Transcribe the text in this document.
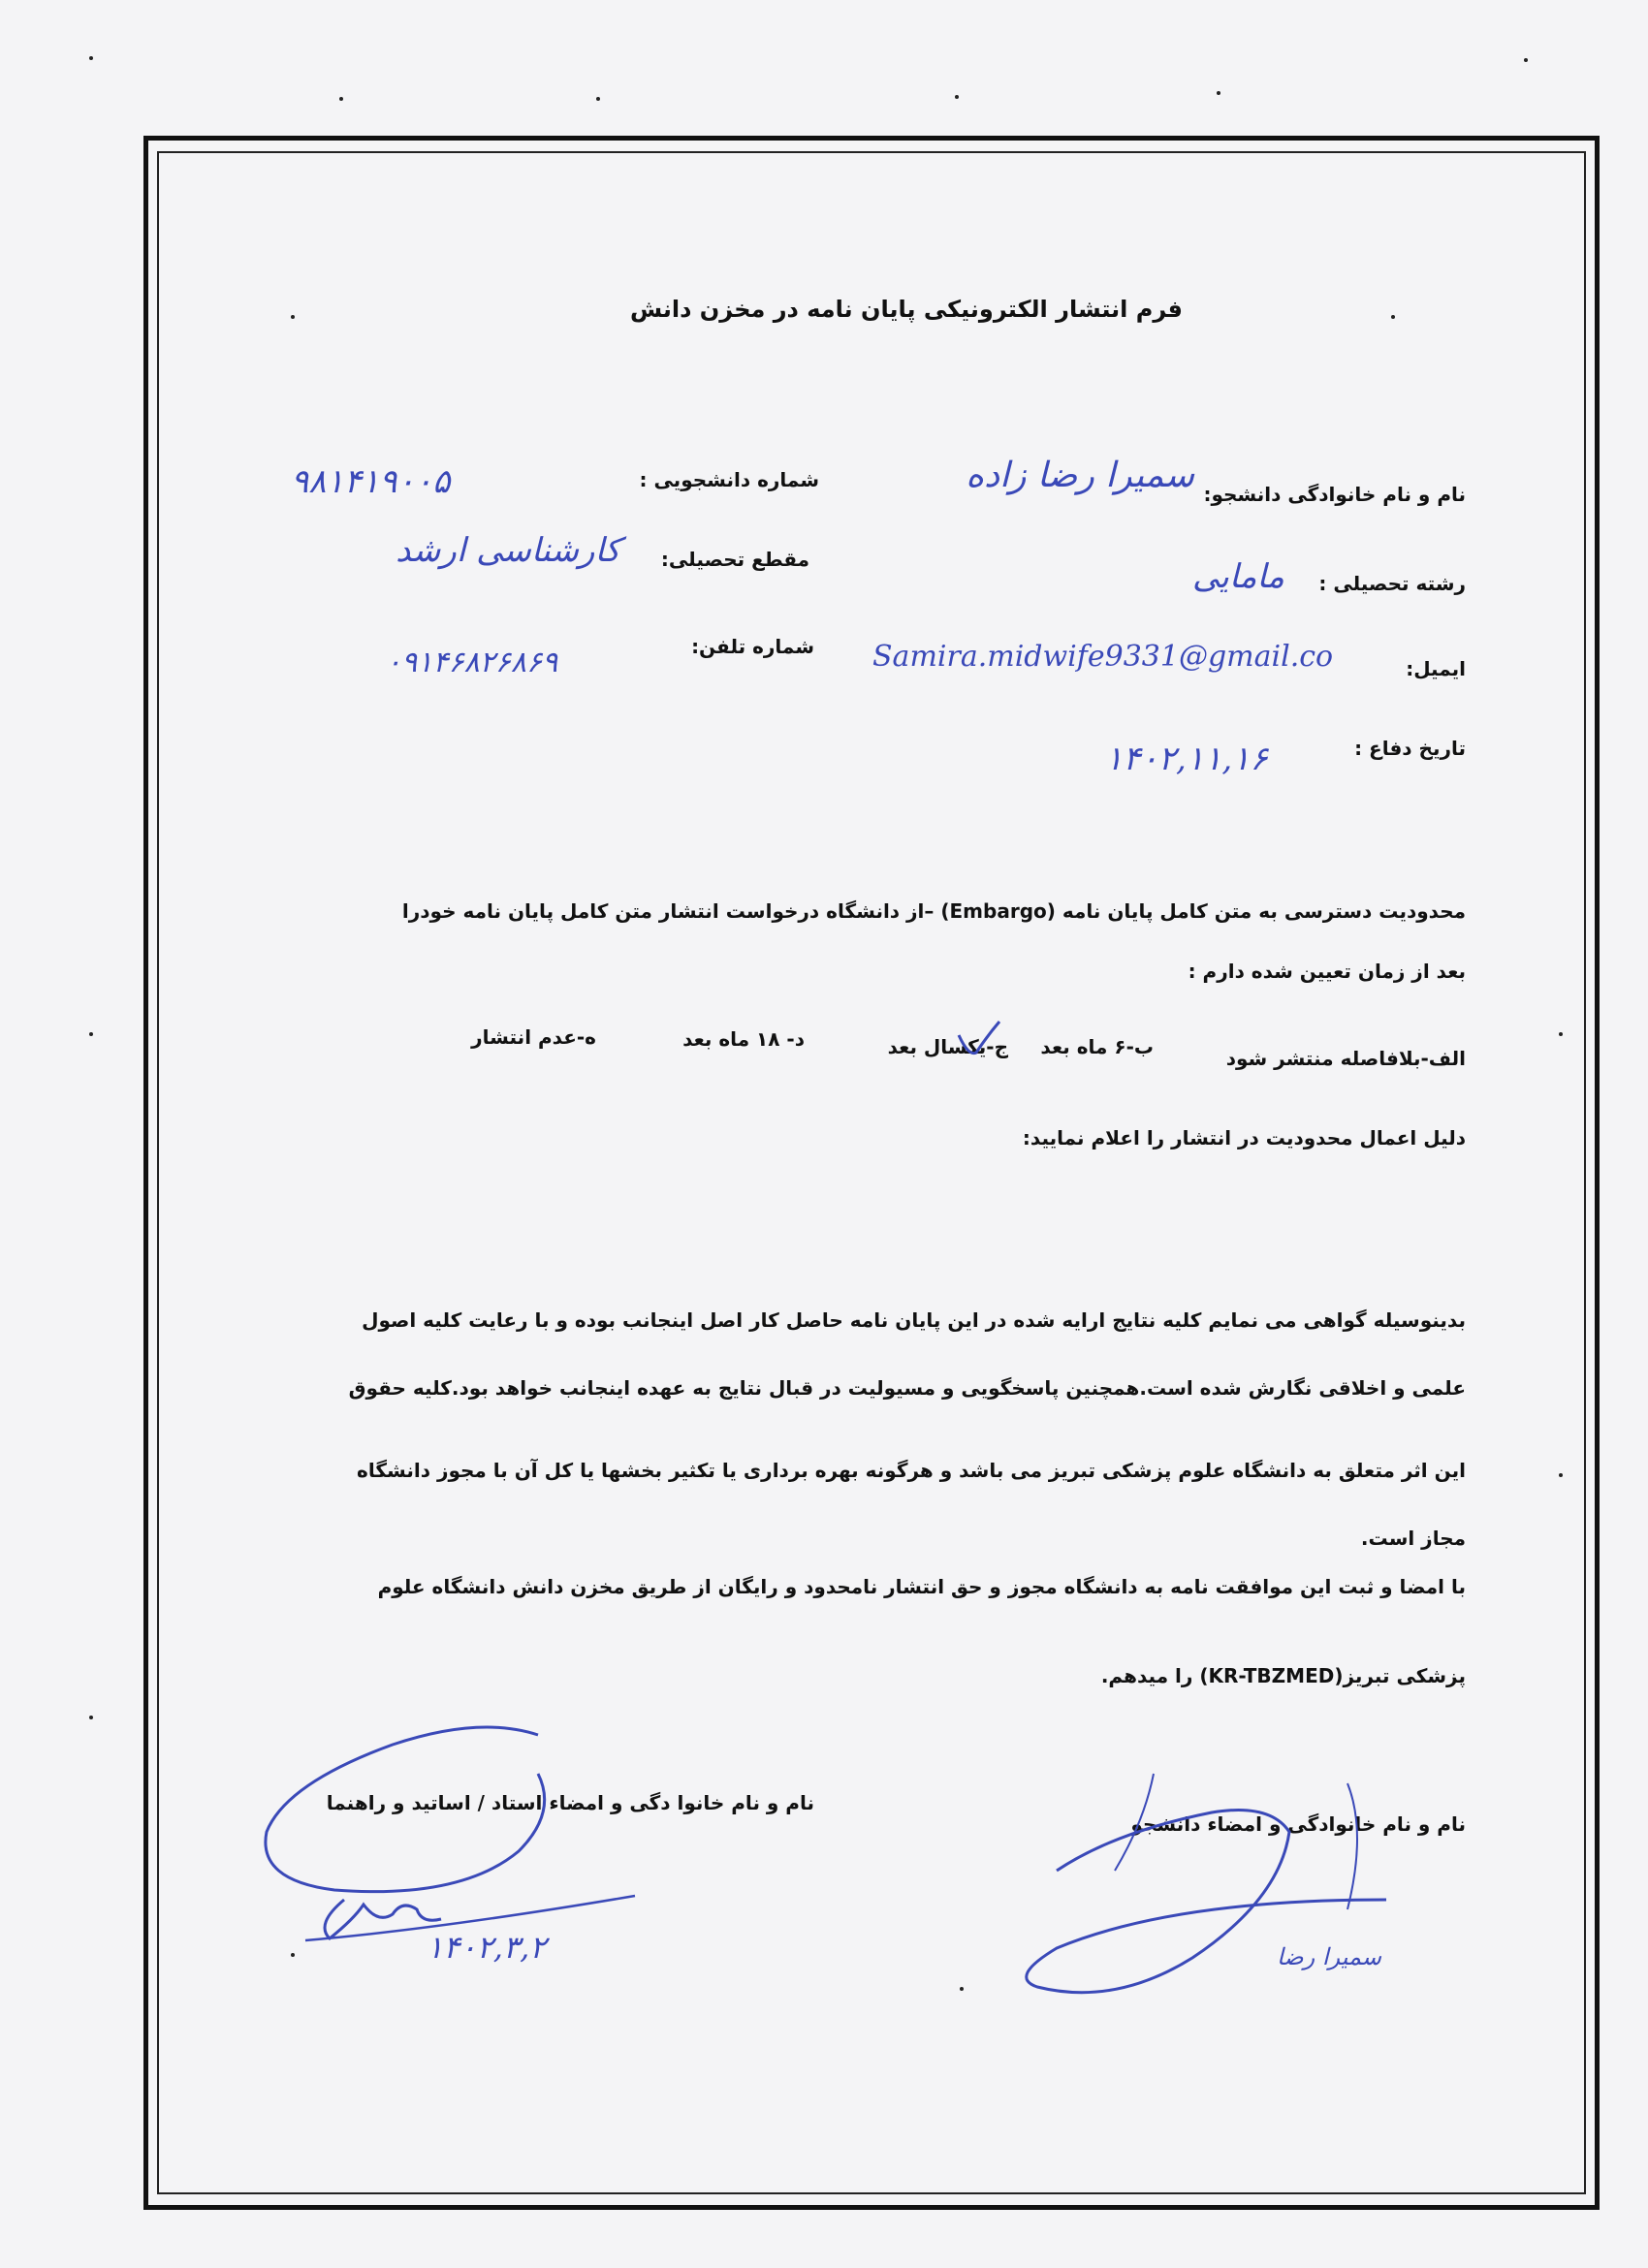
فرم انتشار الکترونیکی پایان نامه در مخزن دانش
نام و نام خانوادگی دانشجو:
سمیرا رضا زاده
شماره دانشجویی :
۹۸۱۴۱۹۰۰۵
رشته تحصیلی :
مامایی
مقطع تحصیلی:
کارشناسی ارشد
ایمیل:
Samira.midwife9331@gmail.co
شماره تلفن:
۰۹۱۴۶۸۲۶۸۶۹
تاریخ دفاع :
۱۴۰۲,۱۱,۱۶
محدودیت دسترسی به متن کامل پایان نامه (Embargo) –از دانشگاه درخواست انتشار متن کامل پایان نامه خودرا
بعد از زمان تعیین شده دارم :
الف-بلافاصله منتشر شود
ب-۶ ماه بعد
ج-یکسال بعد
د- ۱۸ ماه بعد
ه-عدم انتشار
دلیل اعمال محدودیت در انتشار را اعلام نمایید:
بدینوسیله گواهی می نمایم کلیه نتایج ارایه شده در این پایان نامه حاصل کار اصل اینجانب بوده و با رعایت کلیه اصول
علمی و اخلاقی نگارش شده است.همچنین پاسخگویی و مسیولیت در قبال نتایج به عهده اینجانب خواهد بود.کلیه حقوق
این اثر متعلق به دانشگاه علوم پزشکی تبریز می باشد و هرگونه بهره برداری یا تکثیر بخشها یا کل آن با مجوز دانشگاه
مجاز است.
با امضا و ثبت این موافقت نامه به دانشگاه مجوز و حق انتشار نامحدود و رایگان از طریق مخزن دانش دانشگاه علوم
پزشکی تبریز(KR-TBZMED) را میدهم.
نام و نام خانوادگی و امضاء دانشجو
نام و نام خانوا دگی و امضاء استاد / اساتید و راهنما
۱۴۰۲,۳,۲	سمیرا رضا
